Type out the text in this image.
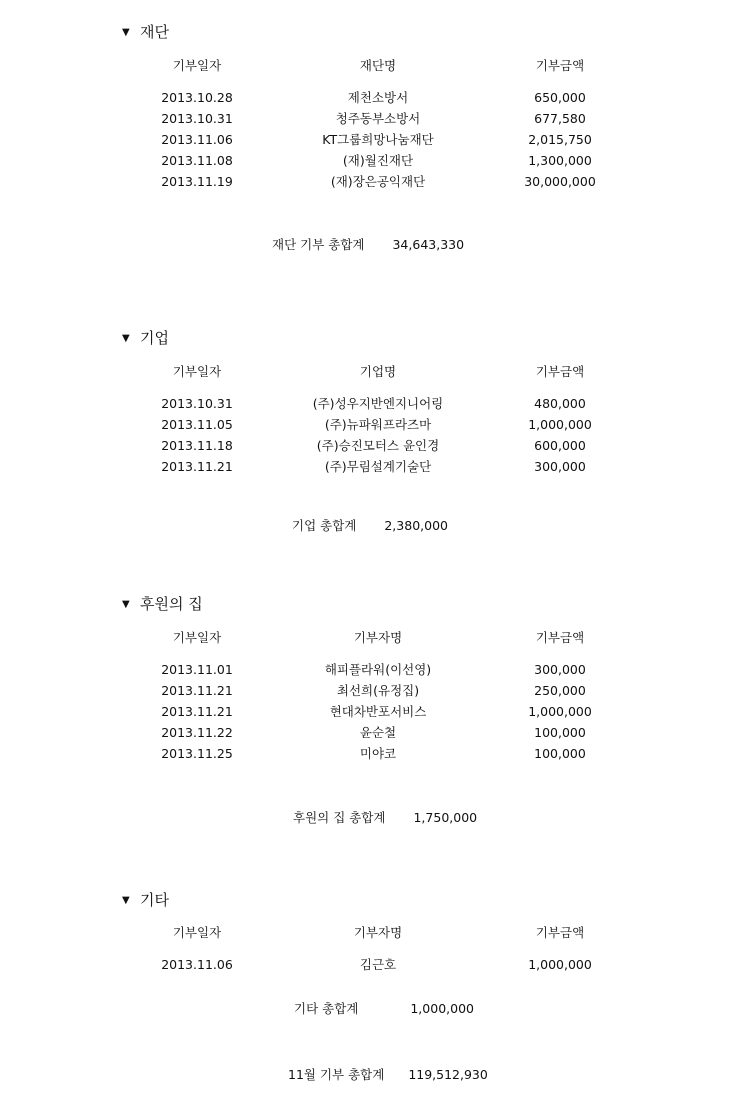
▼ 재단
기부일자	재단명	기부금액
2013.10.28	제천소방서	650,000
2013.10.31	청주동부소방서	677,580
2013.11.06	KT그룹희망나눔재단	2,015,750
2013.11.08	(재)월진재단	1,300,000
2013.11.19	(재)장은공익재단	30,000,000
재단 기부 총합계 34,643,330
▼ 기업
기부일자	기업명	기부금액
2013.10.31	(주)성우지반엔지니어링	480,000
2013.11.05	(주)뉴파워프라즈마	1,000,000
2013.11.18	(주)승진모터스 윤인경	600,000
2013.11.21	(주)무림설계기술단	300,000
기업 총합계 2,380,000
▼ 후원의 집
기부일자	기부자명	기부금액
2013.11.01	해피플라워(이선영)	300,000
2013.11.21	최선희(유정집)	250,000
2013.11.21	현대차반포서비스	1,000,000
2013.11.22	윤순철	100,000
2013.11.25	미야코	100,000
후원의 집 총합계 1,750,000
▼ 기타
기부일자	기부자명	기부금액
2013.11.06	김근호	1,000,000
기타 총합계	1,000,000
11월 기부 총합계 119,512,930
